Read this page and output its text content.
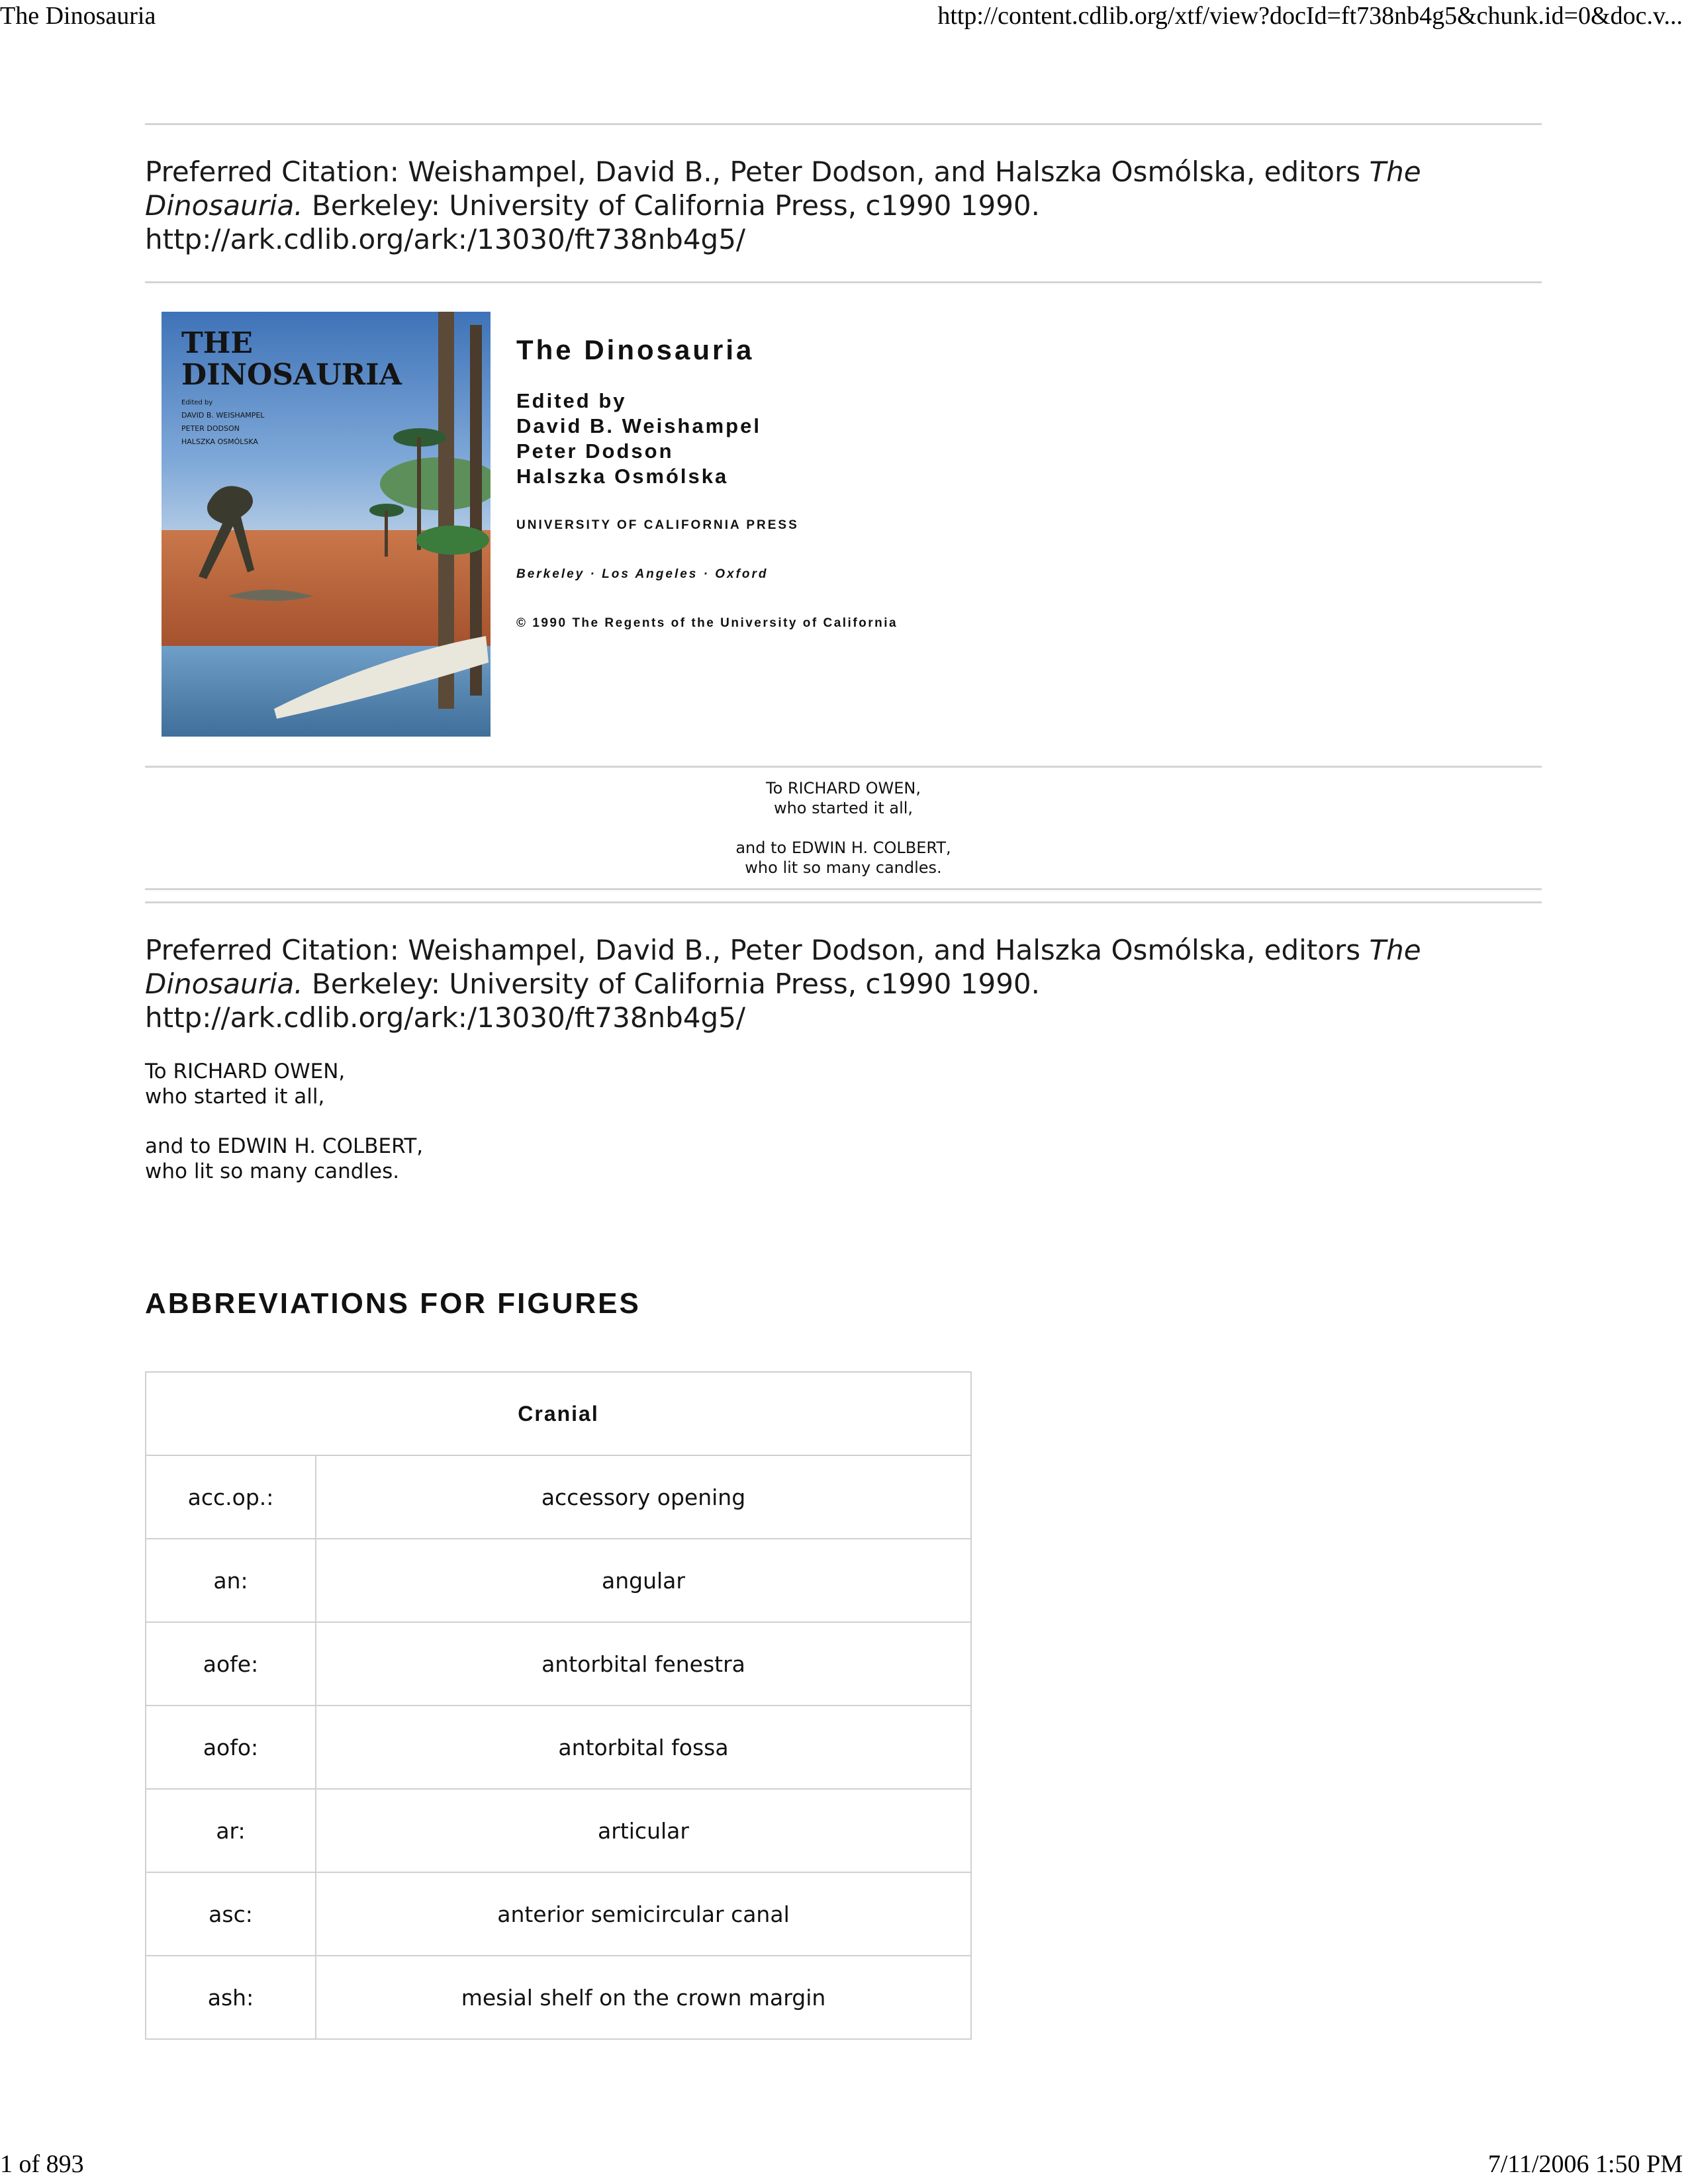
The Dinosauria	http://content.cdlib.org/xtf/view?docId=ft738nb4g5&chunk.id=0&doc.v...
Preferred Citation: Weishampel, David B., Peter Dodson, and Halszka Osmólska, editors The
Dinosauria. Berkeley: University of California Press, c1990 1990.
http://ark.cdlib.org/ark:/13030/ft738nb4g5/
THE
DINOSAURIA
Edited by
DAVID B. WEISHAMPEL
PETER DODSON
HALSZKA OSMÓLSKA
The Dinosauria
Edited by
David B. Weishampel
Peter Dodson
Halszka Osmólska
UNIVERSITY OF CALIFORNIA PRESS
Berkeley · Los Angeles · Oxford
© 1990 The Regents of the University of California
To RICHARD OWEN,
who started it all,
and to EDWIN H. COLBERT,
who lit so many candles.
Preferred Citation: Weishampel, David B., Peter Dodson, and Halszka Osmólska, editors The
Dinosauria. Berkeley: University of California Press, c1990 1990.
http://ark.cdlib.org/ark:/13030/ft738nb4g5/

To RICHARD OWEN,

who started it all,

and to EDWIN H. COLBERT,

who lit so many candles.

ABBREVIATIONS FOR FIGURES
Cranial	
acc.op.:	accessory opening
an:	angular
aofe:	antorbital fenestra
aofo:	antorbital fossa
ar:	articular
asc:	anterior semicircular canal
ash:	mesial shelf on the crown margin
1 of 893	7/11/2006 1:50 PM
